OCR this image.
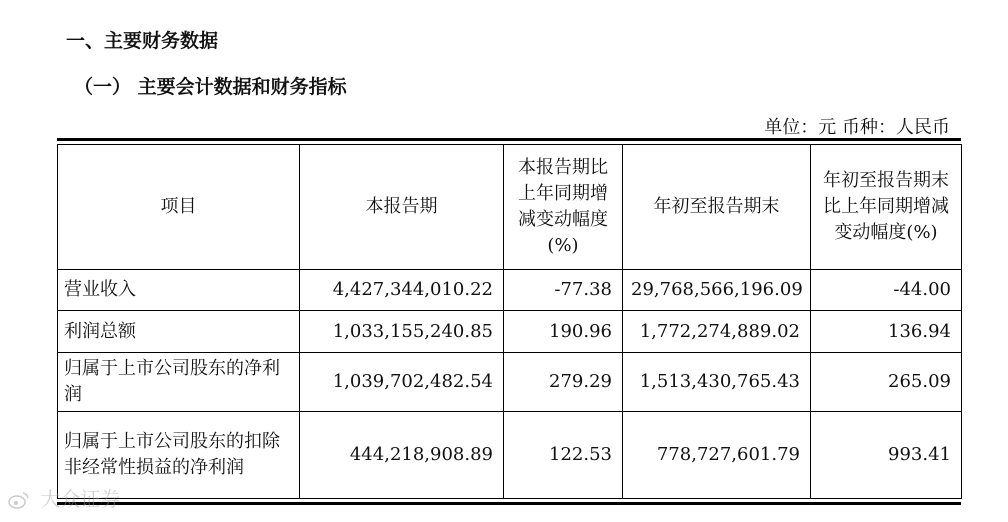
一、主要财务数据
（一） 主要会计数据和财务指标
单位：元 币种：人民币
项目	本报告期	本报告期比上年同期增减变动幅度(%)	年初至报告期末	年初至报告期末比上年同期增减变动幅度(%)
营业收入	4,427,344,010.22	-77.38	29,768,566,196.09	-44.00
利润总额	1,033,155,240.85	190.96	1,772,274,889.02	136.94
归属于上市公司股东的净利润	1,039,702,482.54	279.29	1,513,430,765.43	265.09
归属于上市公司股东的扣除非经常性损益的净利润	444,218,908.89	122.53	778,727,601.79	993.41
大众证券
